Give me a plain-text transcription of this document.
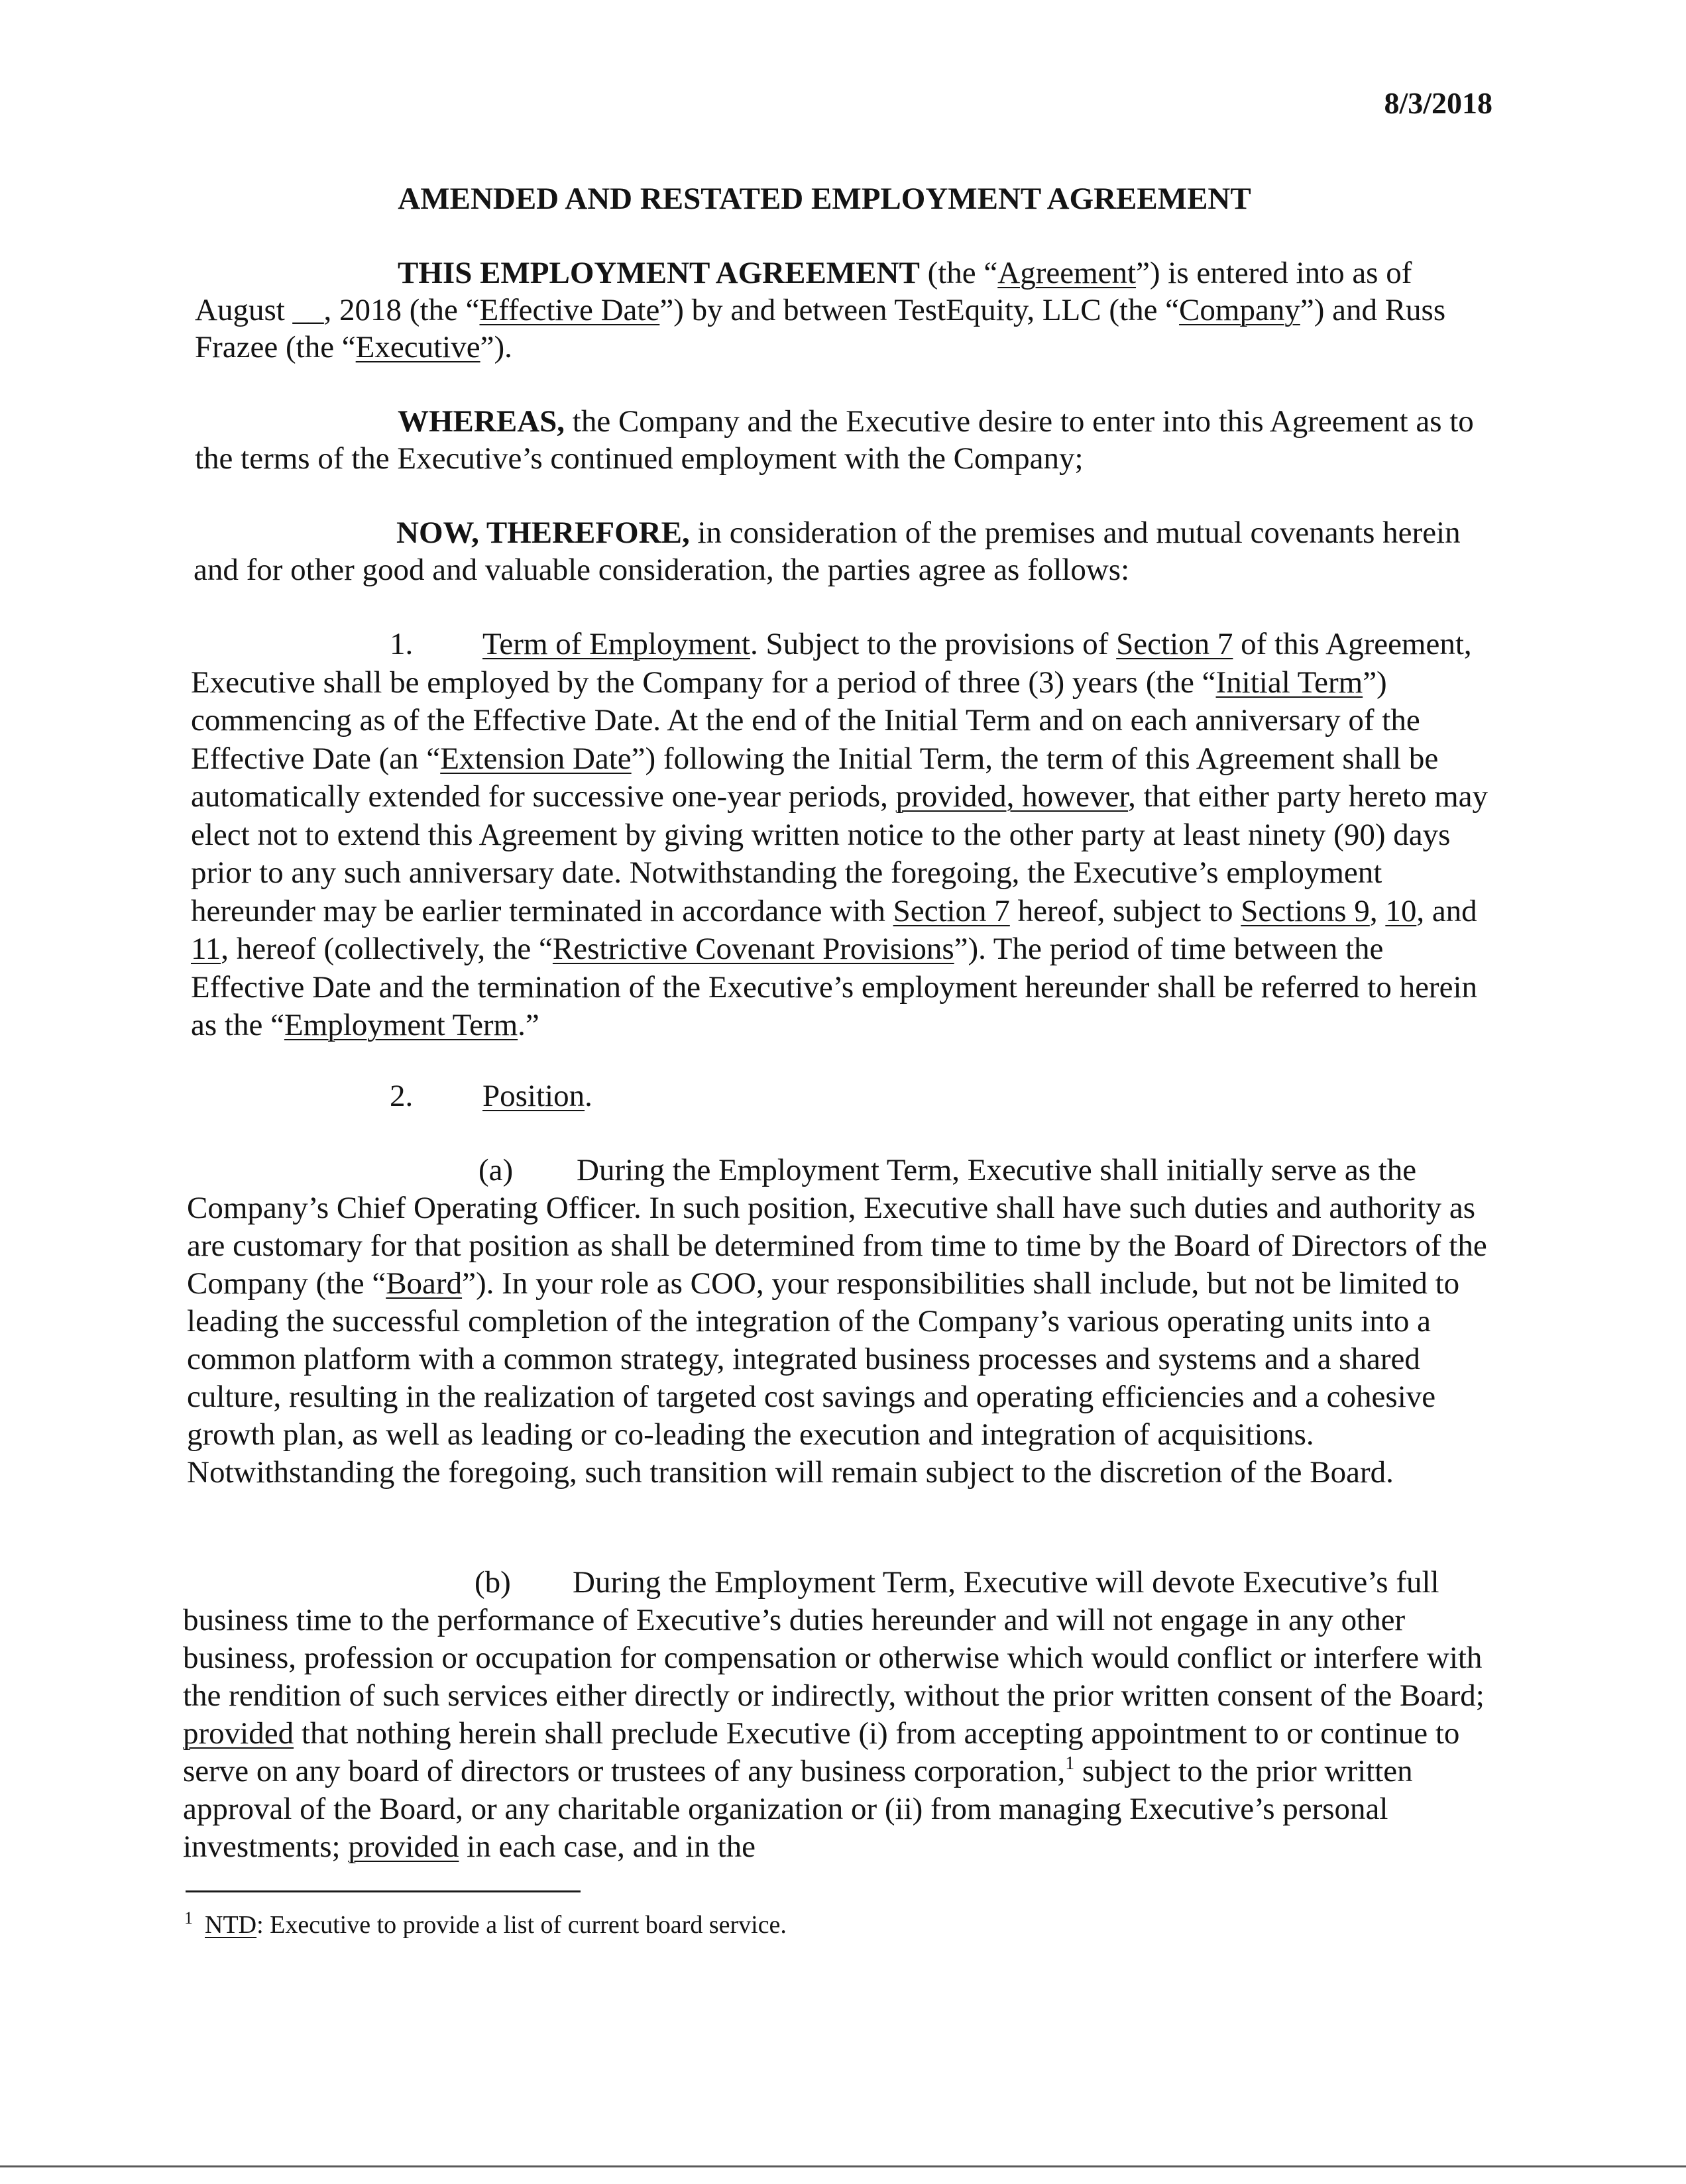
8/3/2018
AMENDED AND RESTATED EMPLOYMENT AGREEMENT

THIS EMPLOYMENT AGREEMENT (the “Agreement”) is entered into as of August __, 2018 (the “Effective Date”) by and between TestEquity, LLC (the “Company”) and Russ Frazee (the “Executive”).

WHEREAS, the Company and the Executive desire to enter into this Agreement as to the terms of the Executive’s continued employment with the Company;

NOW, THEREFORE, in consideration of the premises and mutual covenants herein and for other good and valuable consideration, the parties agree as follows:

1. Term of Employment. Subject to the provisions of Section 7 of this Agreement, Executive shall be employed by the Company for a period of three (3) years (the “Initial Term”) commencing as of the Effective Date. At the end of the Initial Term and on each anniversary of the Effective Date (an “Extension Date”) following the Initial Term, the term of this Agreement shall be automatically extended for successive one-year periods, provided, however, that either party hereto may elect not to extend this Agreement by giving written notice to the other party at least ninety (90) days prior to any such anniversary date. Notwithstanding the foregoing, the Executive’s employment hereunder may be earlier terminated in accordance with Section 7 hereof, subject to Sections 9, 10, and 11, hereof (collectively, the “Restrictive Covenant Provisions”). The period of time between the Effective Date and the termination of the Executive’s employment hereunder shall be referred to herein as the “Employment Term.”

2. Position.

(a) During the Employment Term, Executive shall initially serve as the Company’s Chief Operating Officer. In such position, Executive shall have such duties and authority as are customary for that position as shall be determined from time to time by the Board of Directors of the Company (the “Board”). In your role as COO, your responsibilities shall include, but not be limited to leading the successful completion of the integration of the Company’s various operating units into a common platform with a common strategy, integrated business processes and systems and a shared culture, resulting in the realization of targeted cost savings and operating efficiencies and a cohesive growth plan, as well as leading or co-leading the execution and integration of acquisitions. Notwithstanding the foregoing, such transition will remain subject to the discretion of the Board.

(b) During the Employment Term, Executive will devote Executive’s full business time to the performance of Executive’s duties hereunder and will not engage in any other business, profession or occupation for compensation or otherwise which would conflict or interfere with the rendition of such services either directly or indirectly, without the prior written consent of the Board; provided that nothing herein shall preclude Executive (i) from accepting appointment to or continue to serve on any board of directors or trustees of any business corporation,$^1$ subject to the prior written approval of the Board, or any charitable organization or (ii) from managing Executive’s personal investments; provided in each case, and in the

$^1$ NTD: Executive to provide a list of current board service.
